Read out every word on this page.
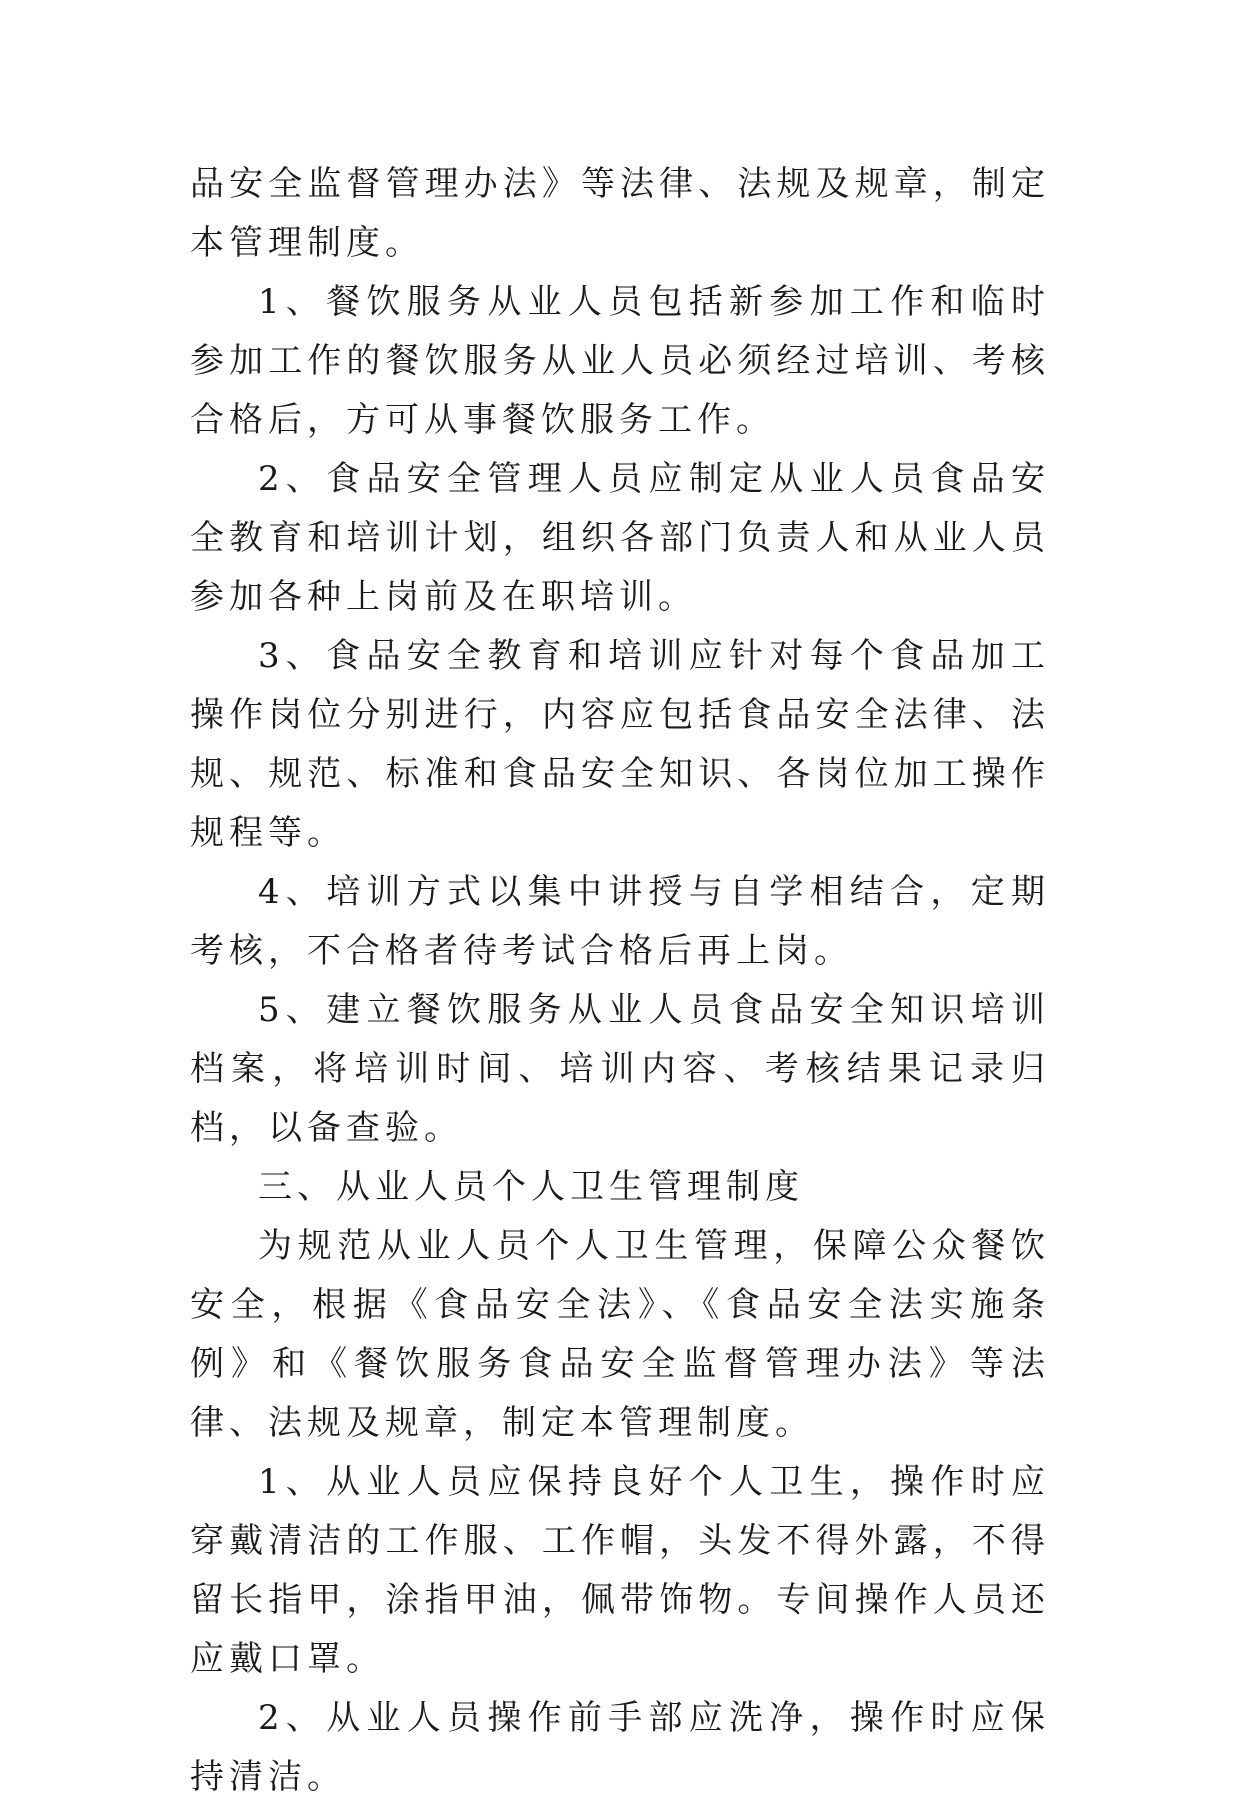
品安全监督管理办法》等法律、法规及规章，制定本管理制度。

1、餐饮服务从业人员包括新参加工作和临时参加工作的餐饮服务从业人员必须经过培训、考核合格后，方可从事餐饮服务工作。

2、食品安全管理人员应制定从业人员食品安全教育和培训计划，组织各部门负责人和从业人员参加各种上岗前及在职培训。

3、食品安全教育和培训应针对每个食品加工操作岗位分别进行，内容应包括食品安全法律、法规、规范、标准和食品安全知识、各岗位加工操作规程等。

4、培训方式以集中讲授与自学相结合，定期考核，不合格者待考试合格后再上岗。

5、建立餐饮服务从业人员食品安全知识培训档案，将培训时间、培训内容、考核结果记录归档，以备查验。

三、从业人员个人卫生管理制度

为规范从业人员个人卫生管理，保障公众餐饮安全，根据《食品安全法》、《食品安全法实施条例》和《餐饮服务食品安全监督管理办法》等法律、法规及规章，制定本管理制度。

1、从业人员应保持良好个人卫生，操作时应穿戴清洁的工作服、工作帽，头发不得外露，不得留长指甲，涂指甲油，佩带饰物。专间操作人员还应戴口罩。

2、从业人员操作前手部应洗净，操作时应保持清洁。
